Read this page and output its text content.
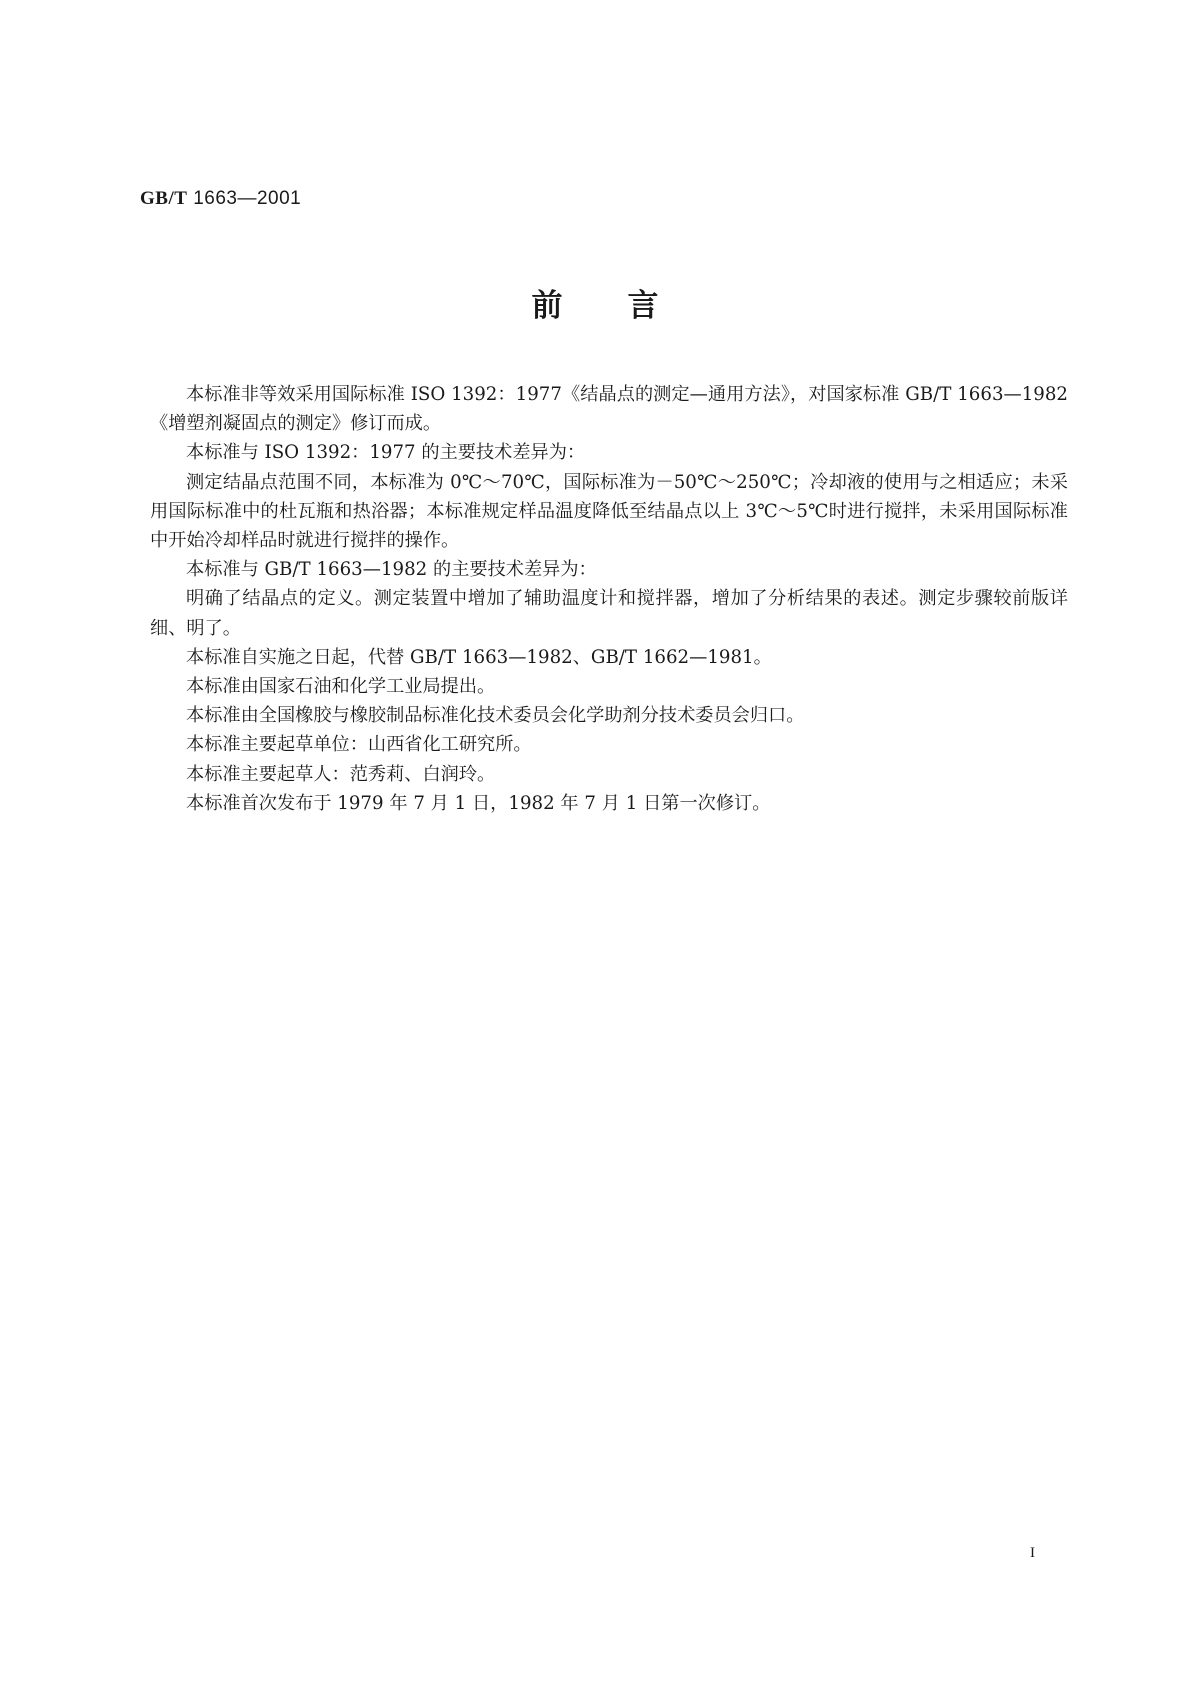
GB/T 1663—2001
前 言

本标准非等效采用国际标准 ISO 1392：1977《结晶点的测定—通用方法》，对国家标准 GB/T 1663—1982《增塑剂凝固点的测定》修订而成。

本标准与 ISO 1392：1977 的主要技术差异为：

测定结晶点范围不同，本标准为 0℃～70℃，国际标准为－50℃～250℃；冷却液的使用与之相适应；未采用国际标准中的杜瓦瓶和热浴器；本标准规定样品温度降低至结晶点以上 3℃～5℃时进行搅拌，未采用国际标准中开始冷却样品时就进行搅拌的操作。

本标准与 GB/T 1663—1982 的主要技术差异为：

明确了结晶点的定义。测定装置中增加了辅助温度计和搅拌器，增加了分析结果的表述。测定步骤较前版详细、明了。

本标准自实施之日起，代替 GB/T 1663—1982、GB/T 1662—1981。

本标准由国家石油和化学工业局提出。

本标准由全国橡胶与橡胶制品标准化技术委员会化学助剂分技术委员会归口。

本标准主要起草单位：山西省化工研究所。

本标准主要起草人：范秀莉、白润玲。

本标准首次发布于 1979 年 7 月 1 日，1982 年 7 月 1 日第一次修订。

I
